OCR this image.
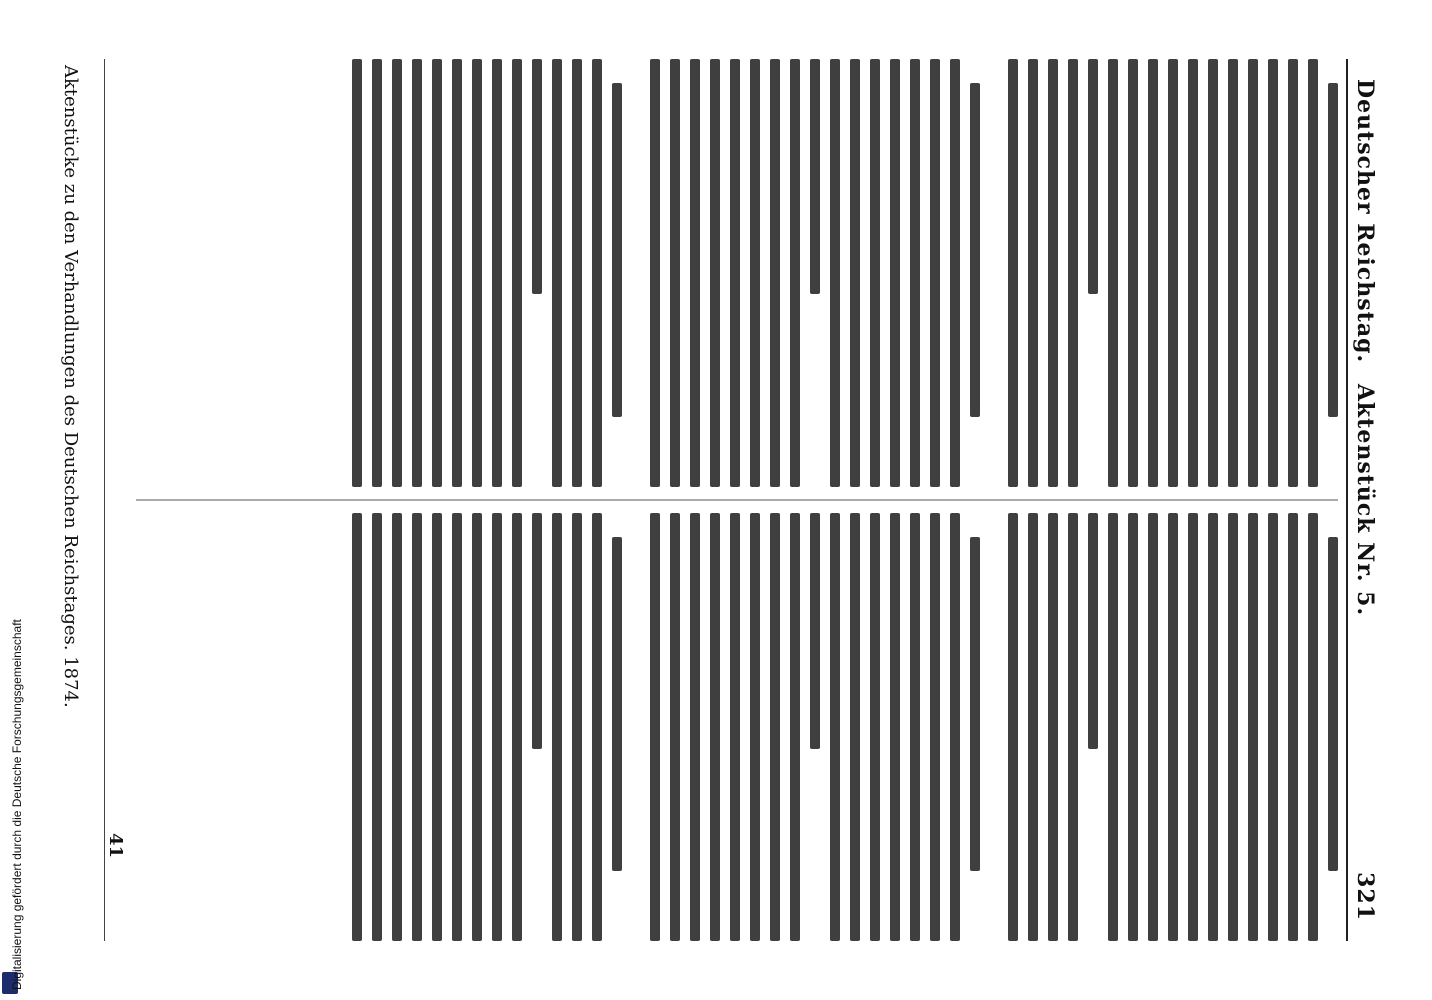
Deutscher Reichstag.
Aktenstück Nr. 5.
321
Aktenstücke zu den Verhandlungen des Deutschen Reichstages. 1874.
41
Digitalisierung gefördert durch die Deutsche Forschungsgemeinschaft
